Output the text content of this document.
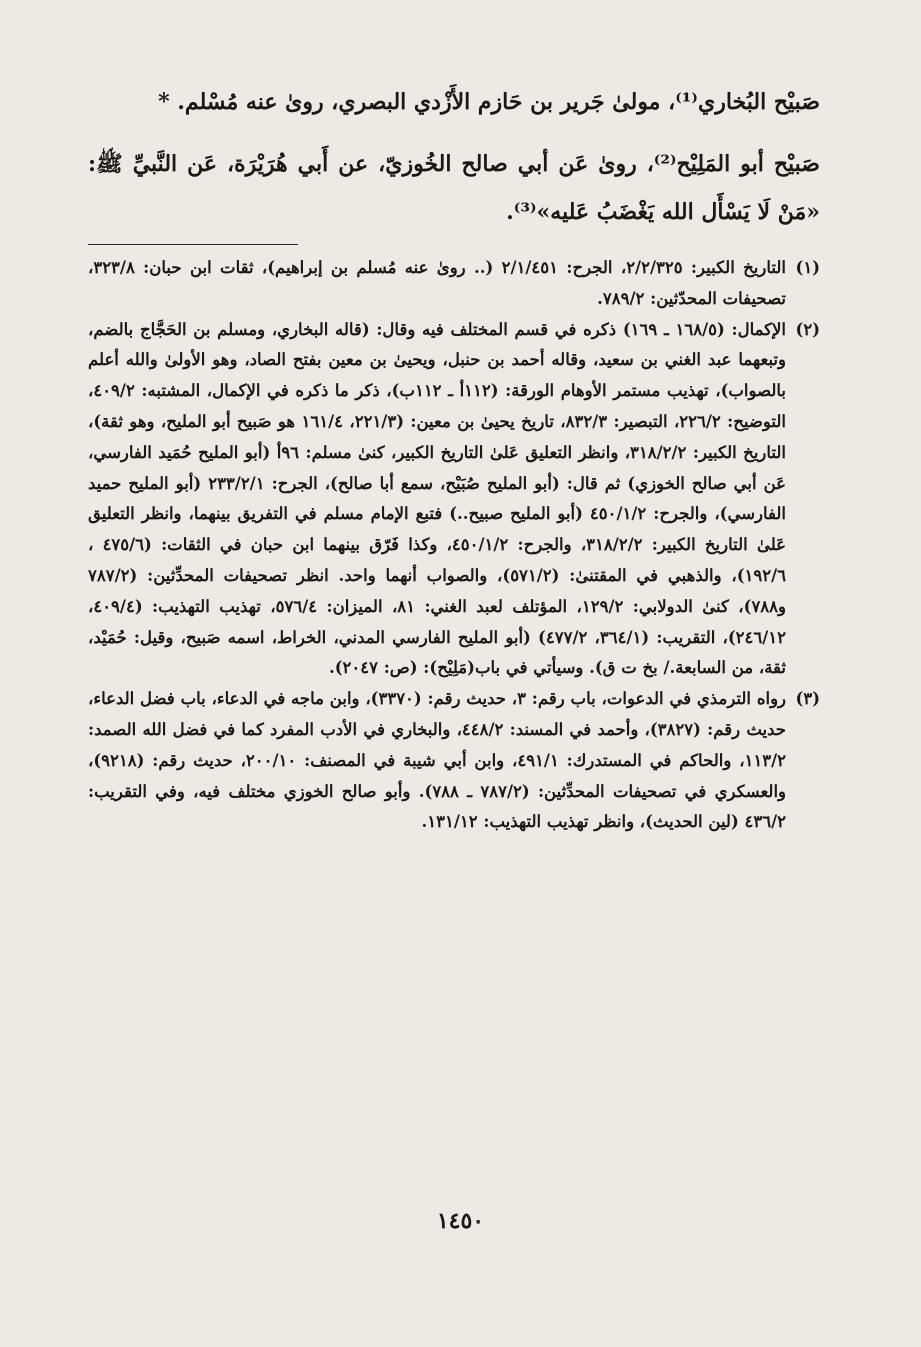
صَبيْح البُخاري⁽¹⁾، مولىٰ جَرير بن حَازم الأَزْدي البصري، روىٰ عنه مُسْلم. *

صَبيْح أبو المَلِيْح⁽²⁾، روىٰ عَن أبي صالح الخُوزيّ، عن أَبي هُرَيْرَة، عَن النَّبيِّ ﷺ: «مَنْ لَا يَسْأَل الله يَغْضَبُ عَليه»⁽³⁾.

(١)
التاريخ الكبير: ٢/٢/٣٢٥، الجرح: ٢/١/٤٥١ (.. روىٰ عنه مُسلم بن إبراهيم)، ثقات ابن حبان: ٣٢٣/٨، تصحيفات المحدّثين: ٧٨٩/٢.

(٢)
الإكمال: (١٦٨/٥ ـ ١٦٩) ذكره في قسم المختلف فيه وقال: (قاله البخاري، ومسلم بن الحَجَّاج بالضم، وتبعهما عبد الغني بن سعيد، وقاله أحمد بن حنبل، ويحيىٰ بن معين بفتح الصاد، وهو الأولىٰ والله أعلم بالصواب)، تهذيب مستمر الأوهام الورقة: (١١٢أ ـ ١١٢ب)، ذكر ما ذكره في الإكمال، المشتبه: ٤٠٩/٢، التوضيح: ٢٢٦/٢، التبصير: ٨٣٢/٣، تاريخ يحيىٰ بن معين: (٢٢١/٣، ١٦١/٤ هو صَبيح أبو المليح، وهو ثقة)، التاريخ الكبير: ٣١٨/٢/٢، وانظر التعليق عَلىٰ التاريخ الكبير، كنىٰ مسلم: ٩٦أ (أبو المليح حُمَيد الفارسي، عَن أبي صالح الخوزي) ثم قال: (أبو المليح صُبَيْح، سمع أبا صالح)، الجرح: ٢٣٣/٢/١ (أبو المليح حميد الفارسي)، والجرح: ٤٥٠/١/٢ (أبو المليح صبيح..) فتبع الإمام مسلم في التفريق بينهما، وانظر التعليق عَلىٰ التاريخ الكبير: ٣١٨/٢/٢، والجرح: ٤٥٠/١/٢، وكذا فَرّق بينهما ابن حبان في الثقات: (٤٧٥/٦ ، ١٩٢/٦)، والذهبي في المقتنىٰ: (٥٧١/٢)، والصواب أنهما واحد. انظر تصحيفات المحدِّثين: (٧٨٧/٢ و٧٨٨)، كنىٰ الدولابي: ١٢٩/٢، المؤتلف لعبد الغني: ٨١، الميزان: ٥٧٦/٤، تهذيب التهذيب: (٤٠٩/٤، ٢٤٦/١٢)، التقريب: (٣٦٤/١، ٤٧٧/٢) (أبو المليح الفارسي المدني، الخراط، اسمه صَبيح، وقيل: حُمَيْد، ثقة، من السابعة./ بخ ت ق). وسيأتي في باب(مَلِيْح): (ص: ٢٠٤٧).

(٣)
رواه الترمذي في الدعوات، باب رقم: ٣، حديث رقم: (٣٣٧٠)، وابن ماجه في الدعاء، باب فضل الدعاء، حديث رقم: (٣٨٢٧)، وأحمد في المسند: ٤٤٨/٢، والبخاري في الأدب المفرد كما في فضل الله الصمد: ١١٣/٢، والحاكم في المستدرك: ٤٩١/١، وابن أبي شيبة في المصنف: ٢٠٠/١٠، حديث رقم: (٩٢١٨)، والعسكري في تصحيفات المحدِّثين: (٧٨٧/٢ ـ ٧٨٨). وأبو صالح الخوزي مختلف فيه، وفي التقريب: ٤٣٦/٢ (لين الحديث)، وانظر تهذيب التهذيب: ١٣١/١٢.

١٤٥٠
